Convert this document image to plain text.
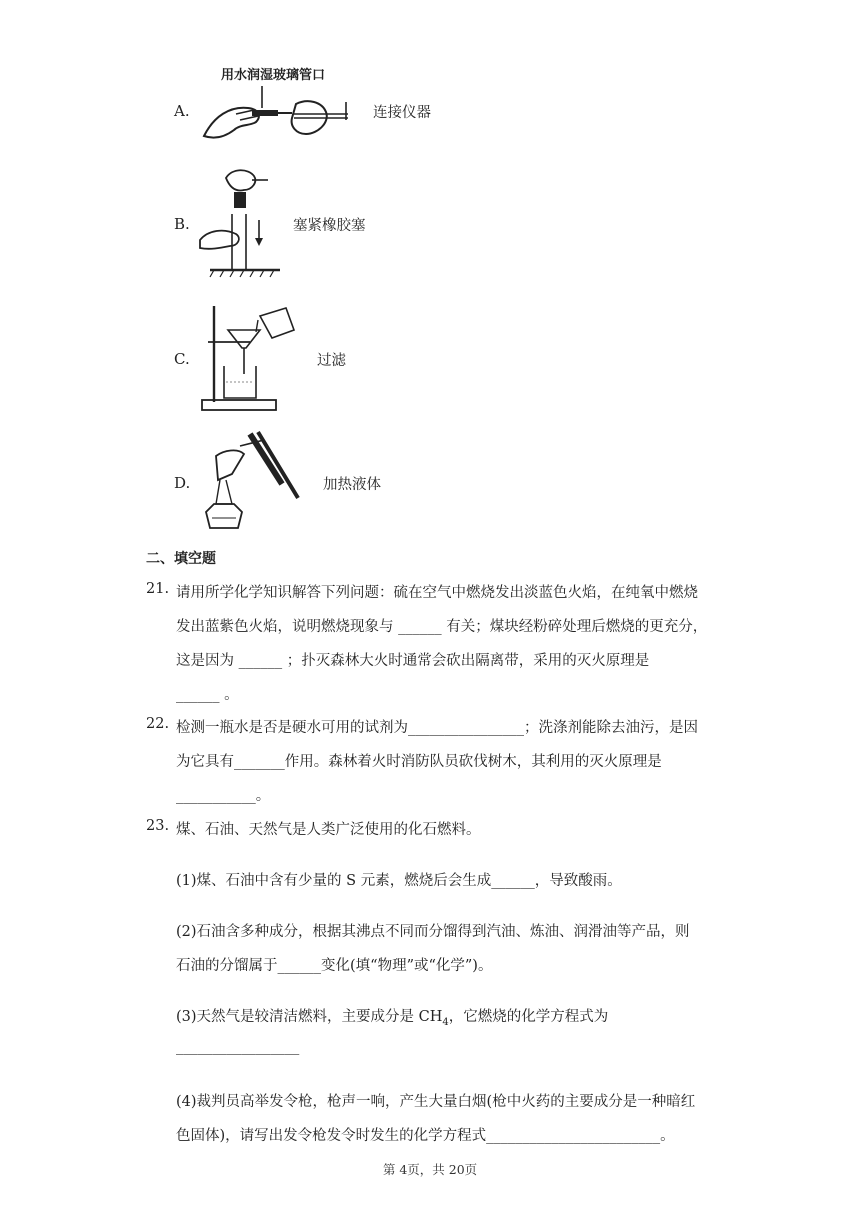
A.
用水润湿玻璃管口
连接仪器
B.	塞紧橡胶塞
C.	过滤
D.	加热液体
二、填空题
21. 请用所学化学知识解答下列问题：硫在空气中燃烧发出淡蓝色火焰，在纯氧中燃烧
发出蓝紫色火焰，说明燃烧现象与 ______ 有关；煤块经粉碎处理后燃烧的更充分，
这是因为 ______ ；扑灭森林大火时通常会砍出隔离带，采用的灭火原理是
______ 。
22. 检测一瓶水是否是硬水可用的试剂为________________；洗涤剂能除去油污，是因
为它具有_______作用。森林着火时消防队员砍伐树木，其利用的灭火原理是
___________。
23. 煤、石油、天然气是人类广泛使用的化石燃料。
(1)煤、石油中含有少量的 S 元素，燃烧后会生成______，导致酸雨。
(2)石油含多种成分，根据其沸点不同而分馏得到汽油、炼油、润滑油等产品，则
石油的分馏属于______变化(填“物理”或“化学”)。
(3)天然气是较清洁燃料，主要成分是 $CH_4$，它燃烧的化学方程式为
_________________
(4)裁判员高举发令枪，枪声一响，产生大量白烟(枪中火药的主要成分是一种暗红
色固体)，请写出发令枪发令时发生的化学方程式________________________。
第 4页，共 20页
